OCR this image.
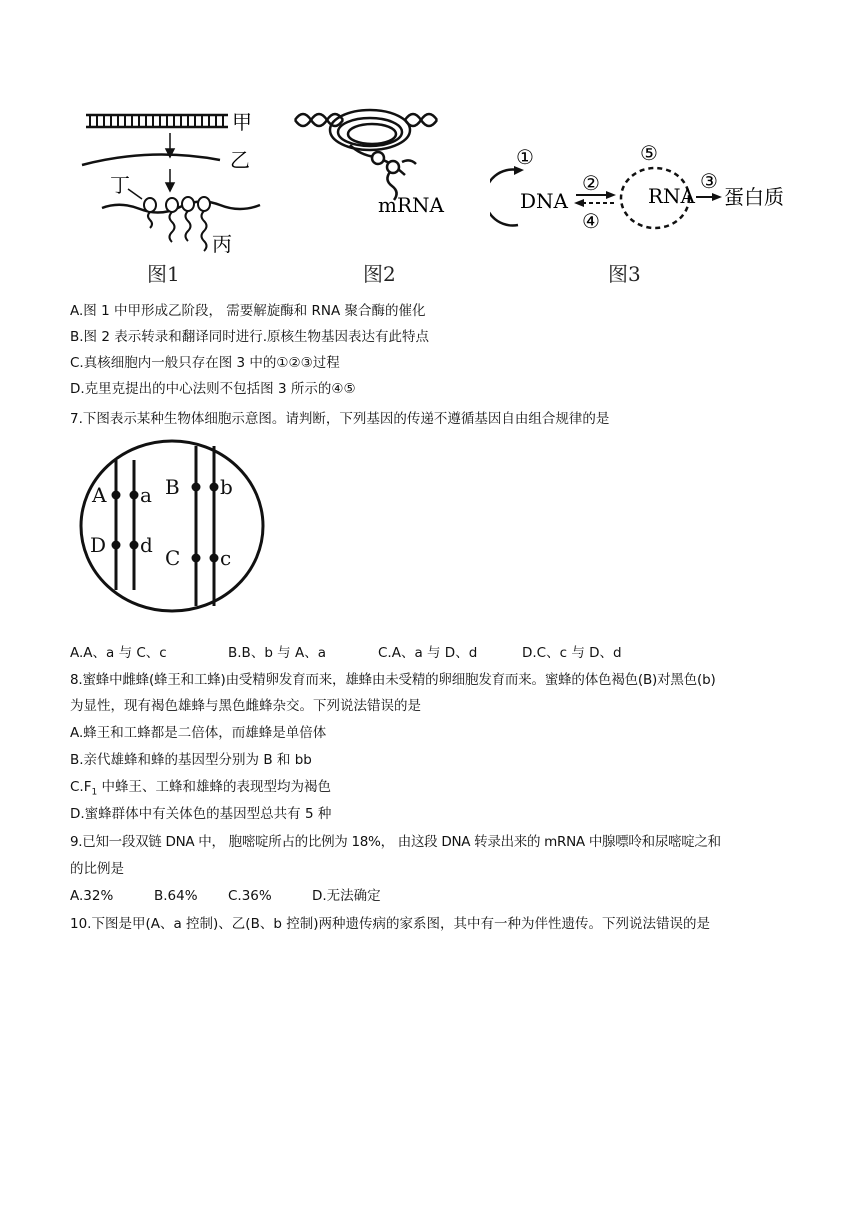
甲
乙
丁
丙
图1
mRNA
图2
①
DNA
②
④
⑤
RNA
③
蛋白质
图3
A.图 1 中甲形成乙阶段， 需要解旋酶和 RNA 聚合酶的催化
B.图 2 表示转录和翻译同时进行.原核生物基因表达有此特点
C.真核细胞内一般只存在图 3 中的①②③过程
D.克里克提出的中心法则不包括图 3 所示的④⑤
7.下图表示某种生物体细胞示意图。请判断，下列基因的传递不遵循基因自由组合规律的是
A a
D d
B b
C c
A.A、a 与 C、c	B.B、b 与 A、a	C.A、a 与 D、d	D.C、c 与 D、d
8.蜜蜂中雌蜂(蜂王和工蜂)由受精卵发育而来，雄蜂由未受精的卵细胞发育而来。蜜蜂的体色褐色(B)对黑色(b)
为显性，现有褐色雄蜂与黑色雌蜂杂交。下列说法错误的是
A.蜂王和工蜂都是二倍体，而雄蜂是单倍体
B.亲代雄蜂和蜂的基因型分别为 B 和 bb
$C.F_1$ 中蜂王、工蜂和雄蜂的表现型均为褐色
D.蜜蜂群体中有关体色的基因型总共有 5 种
9.已知一段双链 DNA 中， 胞嘧啶所占的比例为 18%， 由这段 DNA 转录出来的 mRNA 中腺嘌呤和尿嘧啶之和
的比例是
A.32%	B.64% C.36%	D.无法确定
10.下图是甲(A、a 控制)、乙(B、b 控制)两种遗传病的家系图，其中有一种为伴性遗传。下列说法错误的是
